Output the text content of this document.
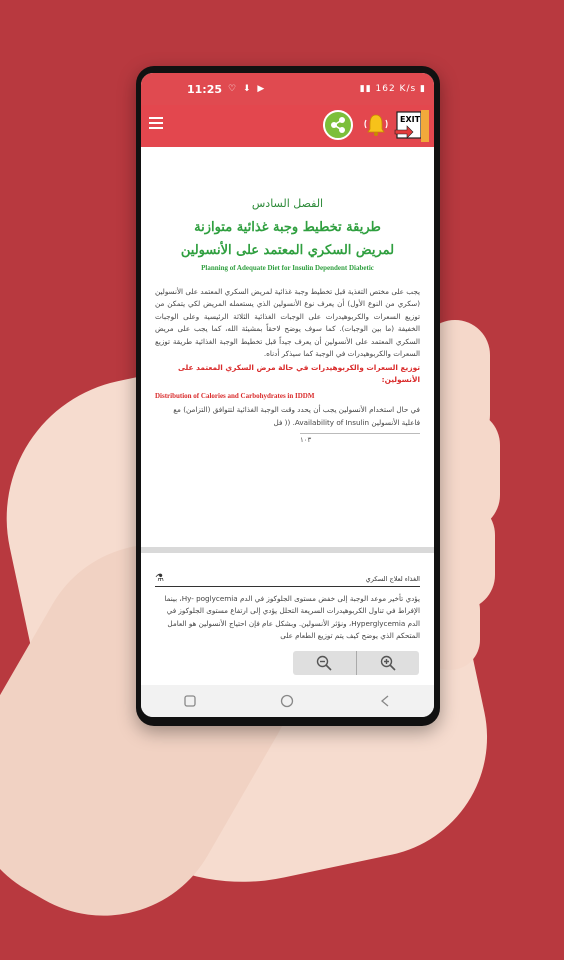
11:25 ♡ ⬇ ▶	▮▮ 162 K/s ▮
EXIT
الفصل السادس
طريقة تخطيط وجبة غذائية متوازنة
لمريض السكري المعتمد على الأنسولين
Planning of Adequate Diet for Insulin Dependent Diabetic
يجب على مختص التغذية قبل تخطيط وجبة غذائية لمريض السكري المعتمد على الأنسولين (سكري من النوع الأول) أن يعرف نوع الأنسولين الذي يستعمله المريض لكي يتمكن من توزيع السعرات والكربوهيدرات على الوجبات الغذائية الثلاثة الرئيسية وعلى الوجبات الخفيفة (ما بين الوجبات). كما سوف يوضح لاحقاً بمشيئة الله، كما يجب على مريض السكري المعتمد على الأنسولين أن يعرف جيداً قبل تخطيط الوجبة الغذائية طريقة توزيع السعرات والكربوهيدرات في الوجبة كما سيذكر أدناه.
توزيع السعرات والكربوهيدرات في حالة مرض السكري المعتمد على الأنسولين:
Distribution of Calories and Carbohydrates in IDDM
في حال استخدام الأنسولين يجب أن يحدد وقت الوجبة الغذائية لتتوافق (التزامن) مع فاعلية الأنسولين Availability of Insulin. (( فل
١٠٣
الغذاء لعلاج السكري
⚗
يؤدي تأخير موعد الوجبة إلى خفض مستوى الجلوكوز في الدم Hy- poglycemia، بينما الإفراط في تناول الكربوهيدرات السريعة التحلل يؤدي إلى ارتفاع مستوى الجلوكوز في الدم Hyperglycemia، ونؤثر الأنسولين. وبشكل عام فإن احتياج الأنسولين هو العامل المتحكم الذي يوضح كيف يتم توزيع الطعام على
